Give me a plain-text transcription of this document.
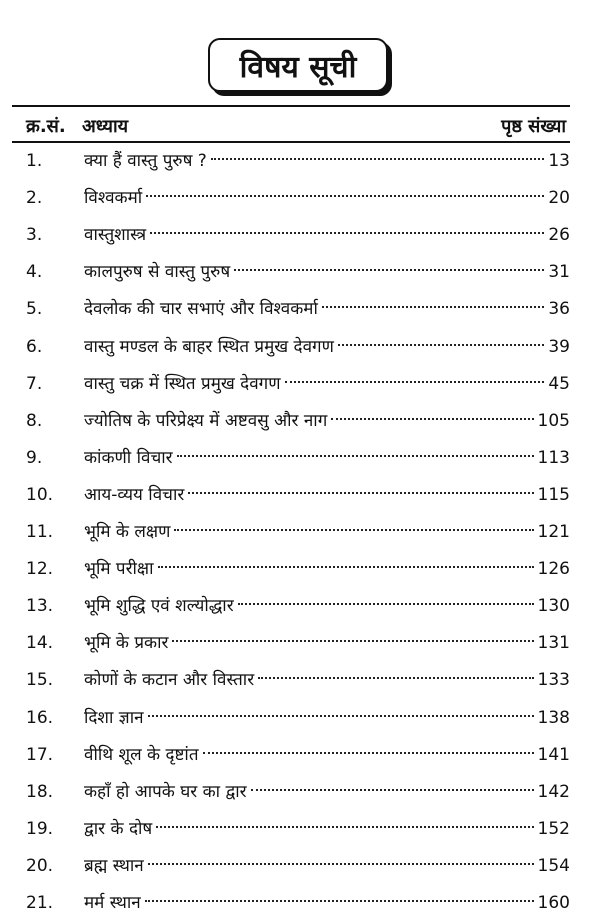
विषय सूची
क्र.सं. अध्याय	पृष्ठ संख्या
1. क्या हैं वास्तु पुरुष ?	13
2. विश्वकर्मा	20
3. वास्तुशास्त्र	26
4. कालपुरुष से वास्तु पुरुष	31
5. देवलोक की चार सभाएं और विश्वकर्मा	36
6. वास्तु मण्डल के बाहर स्थित प्रमुख देवगण	39
7. वास्तु चक्र में स्थित प्रमुख देवगण	45
8. ज्योतिष के परिप्रेक्ष्य में अष्टवसु और नाग	105
9. कांकणी विचार	113
10. आय-व्यय विचार	115
11. भूमि के लक्षण	121
12. भूमि परीक्षा	126
13. भूमि शुद्धि एवं शल्योद्धार	130
14. भूमि के प्रकार	131
15. कोणों के कटान और विस्तार	133
16. दिशा ज्ञान	138
17. वीथि शूल के दृष्टांत	141
18. कहाँ हो आपके घर का द्वार	142
19. द्वार के दोष	152
20. ब्रह्म स्थान	154
21. मर्म स्थान	160
